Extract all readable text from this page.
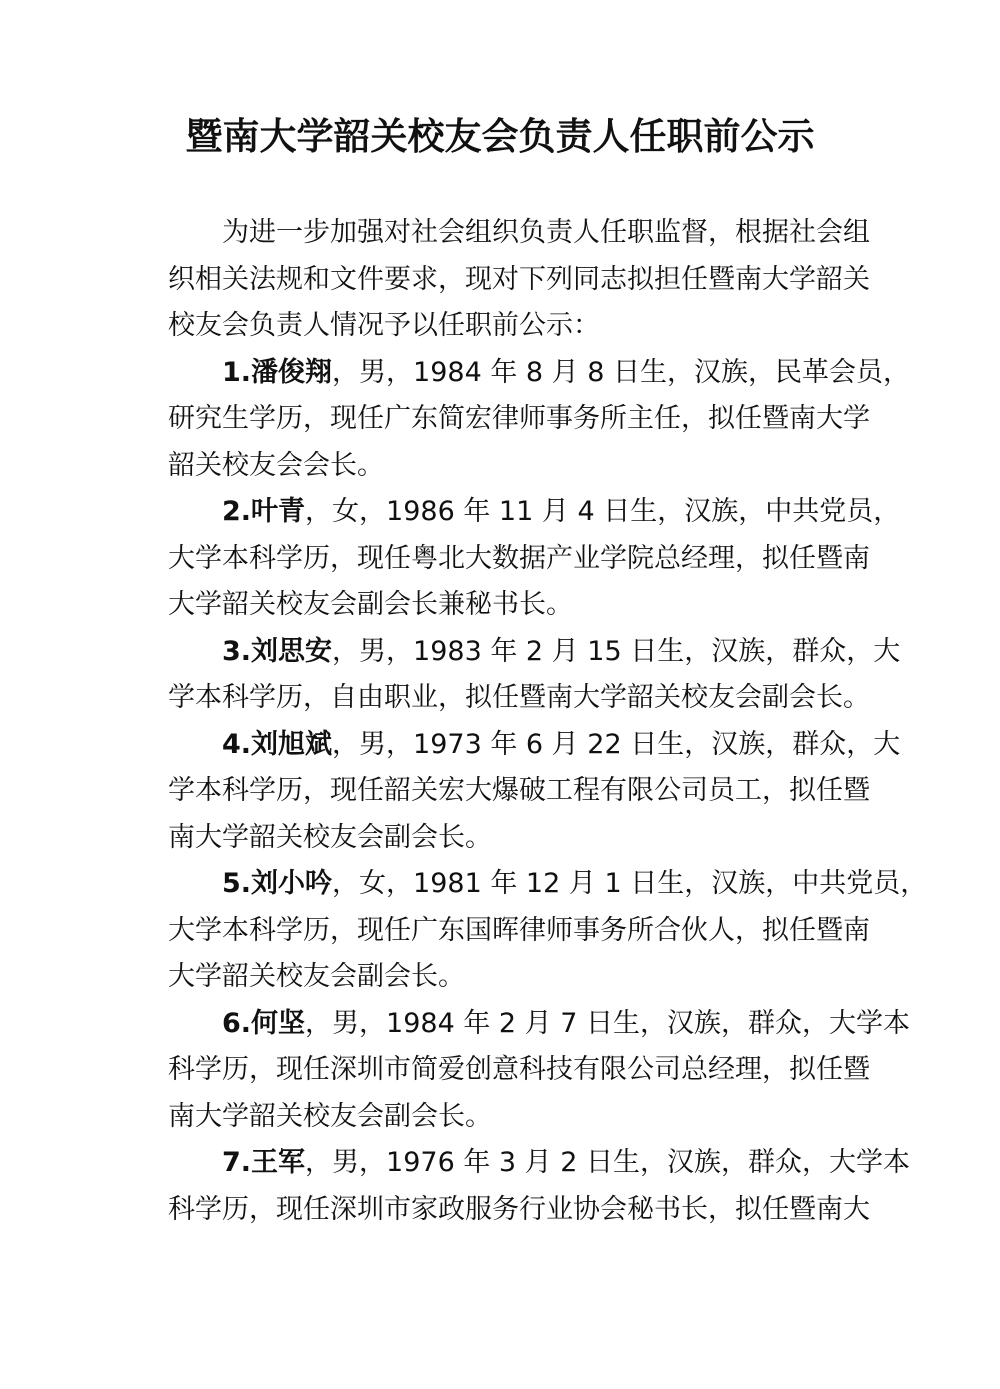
暨南大学韶关校友会负责人任职前公示
为进一步加强对社会组织负责人任职监督，根据社会组
织相关法规和文件要求，现对下列同志拟担任暨南大学韶关
校友会负责人情况予以任职前公示：
1.潘俊翔，男，1984 年 8 月 8 日生，汉族，民革会员，
研究生学历，现任广东简宏律师事务所主任，拟任暨南大学
韶关校友会会长。
2.叶青，女，1986 年 11 月 4 日生，汉族，中共党员，
大学本科学历，现任粤北大数据产业学院总经理，拟任暨南
大学韶关校友会副会长兼秘书长。
3.刘思安，男，1983 年 2 月 15 日生，汉族，群众，大
学本科学历，自由职业，拟任暨南大学韶关校友会副会长。
4.刘旭斌，男，1973 年 6 月 22 日生，汉族，群众，大
学本科学历，现任韶关宏大爆破工程有限公司员工，拟任暨
南大学韶关校友会副会长。
5.刘小吟，女，1981 年 12 月 1 日生，汉族，中共党员，
大学本科学历，现任广东国晖律师事务所合伙人，拟任暨南
大学韶关校友会副会长。
6.何坚，男，1984 年 2 月 7 日生，汉族，群众，大学本
科学历，现任深圳市简爱创意科技有限公司总经理，拟任暨
南大学韶关校友会副会长。
7.王军，男，1976 年 3 月 2 日生，汉族，群众，大学本
科学历，现任深圳市家政服务行业协会秘书长，拟任暨南大
